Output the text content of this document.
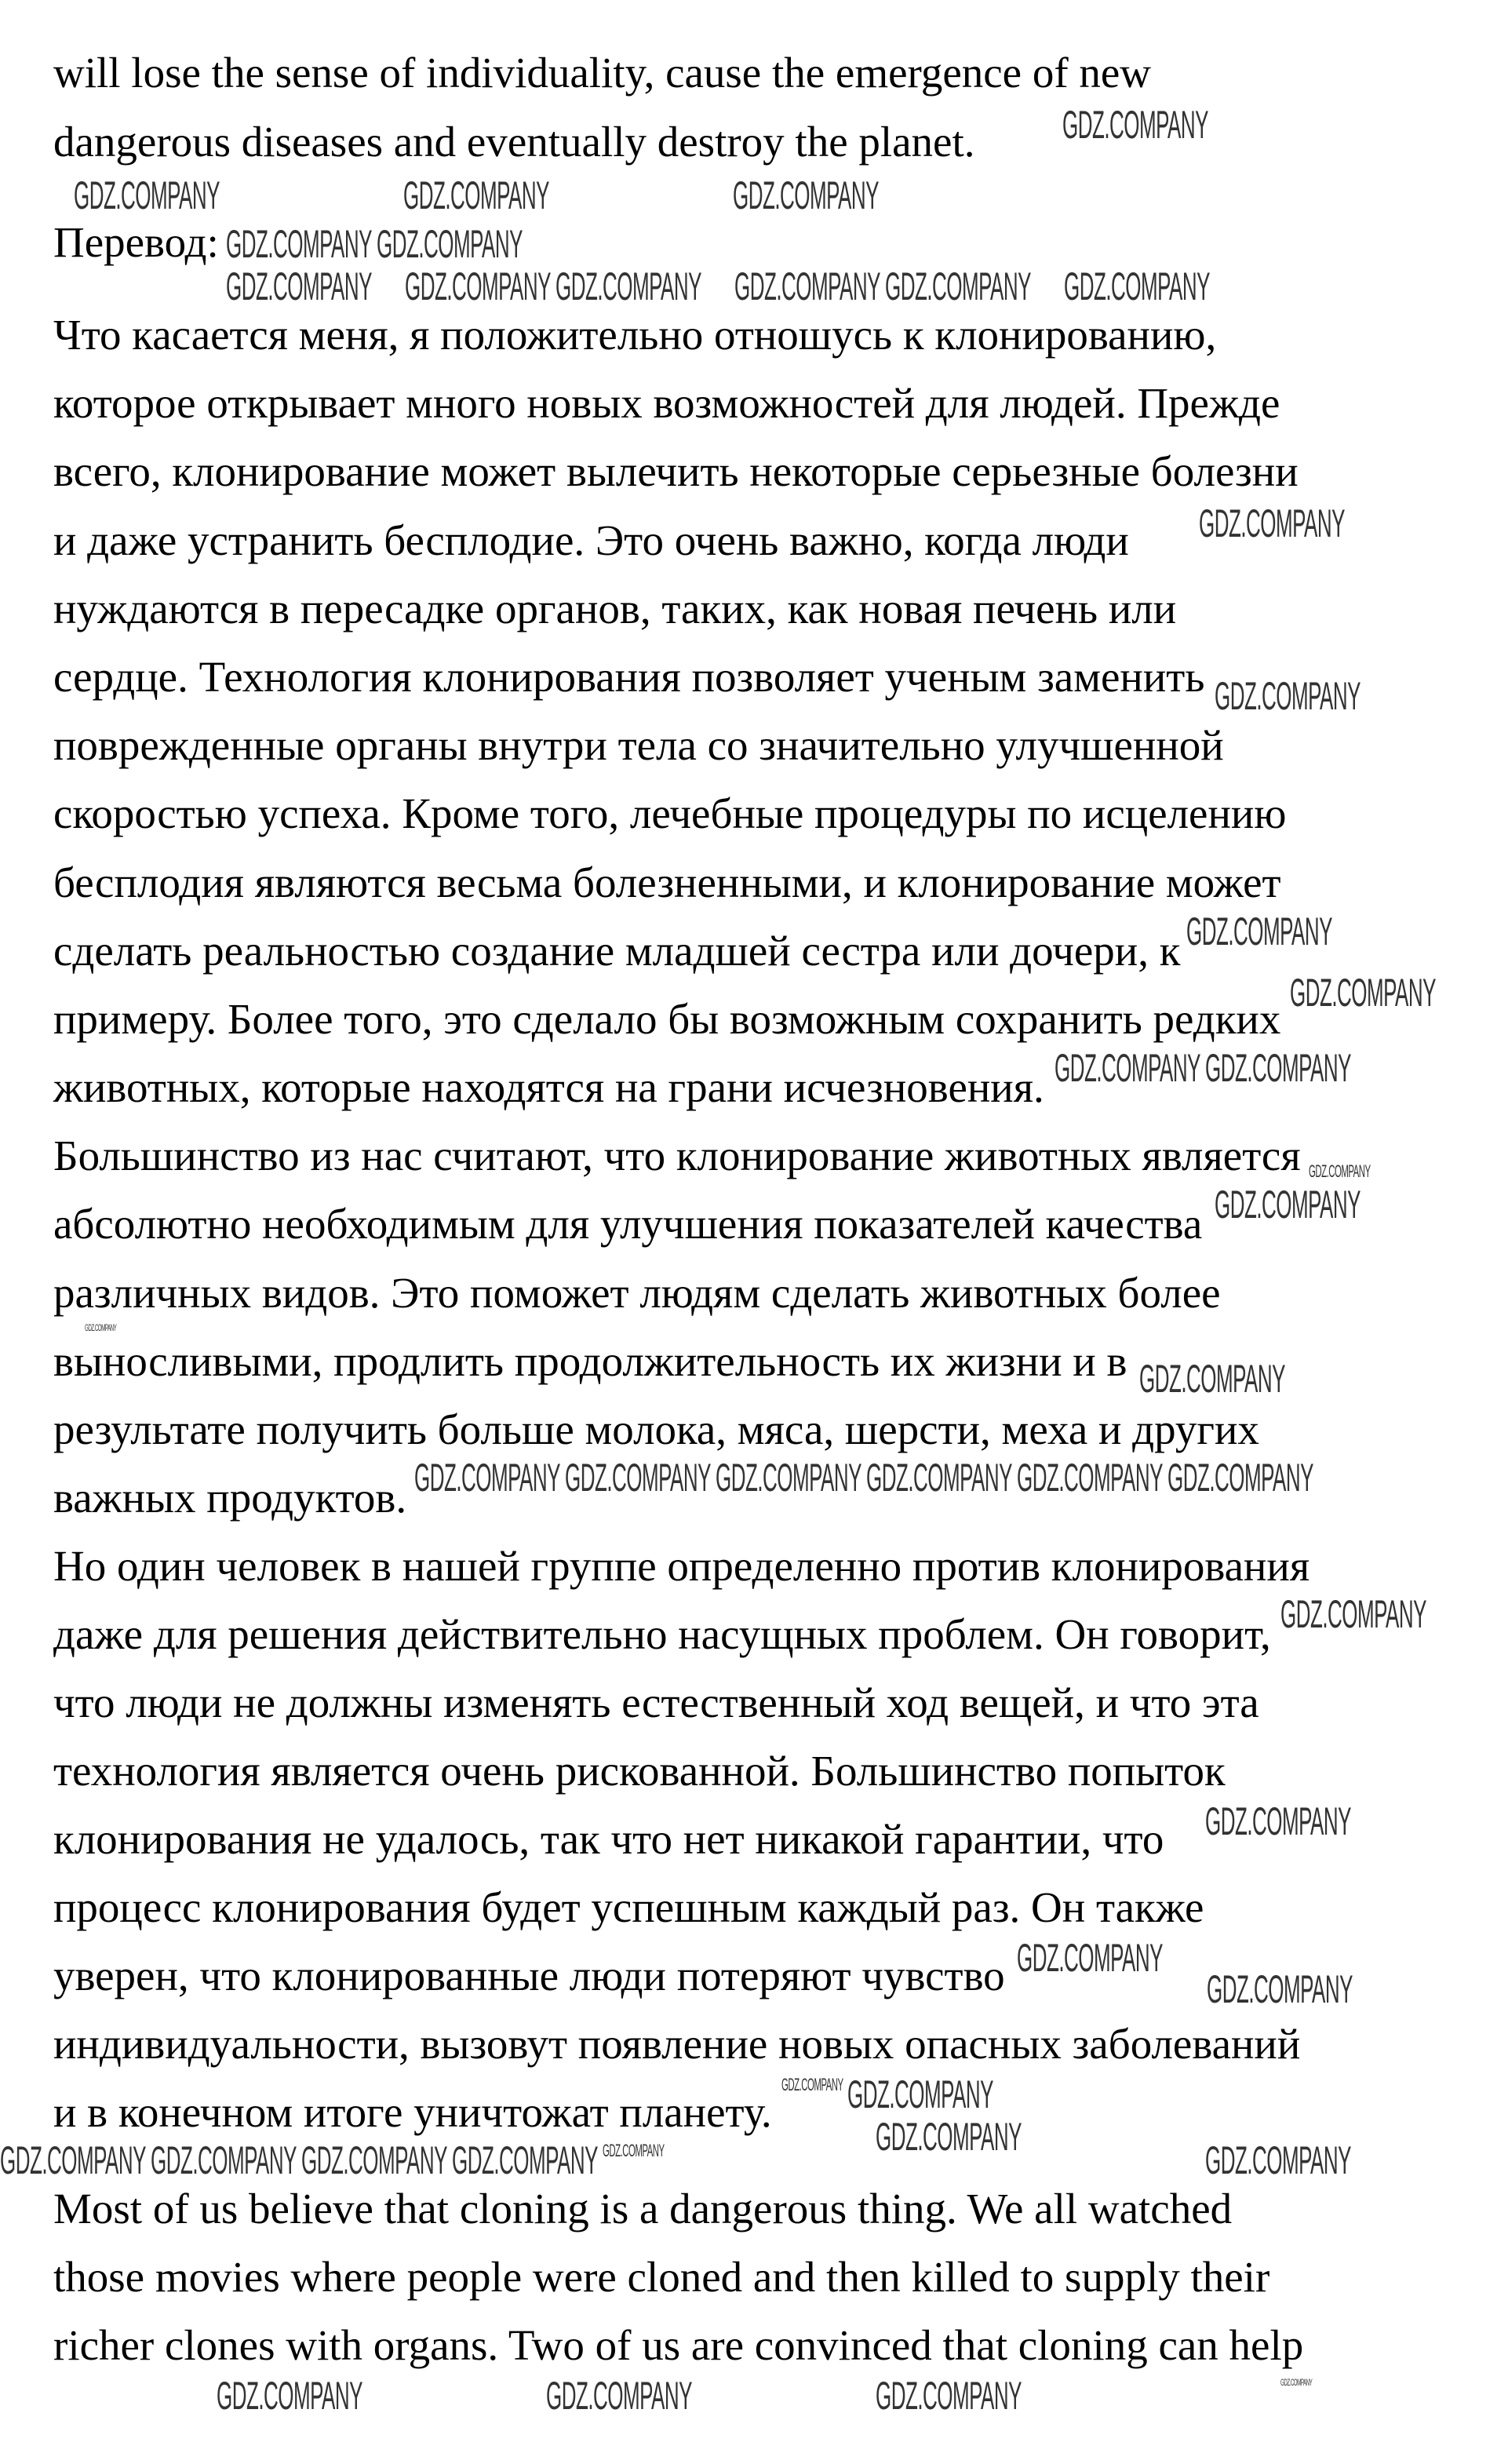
will lose the sense of individuality, cause the emergence of new
dangerous diseases and eventually destroy the planet.
Перевод:
Что касается меня, я положительно отношусь к клонированию,
которое открывает много новых возможностей для людей. Прежде
всего, клонирование может вылечить некоторые серьезные болезни
и даже устранить бесплодие. Это очень важно, когда люди
нуждаются в пересадке органов, таких, как новая печень или
сердце. Технология клонирования позволяет ученым заменить
поврежденные органы внутри тела со значительно улучшенной
скоростью успеха. Кроме того, лечебные процедуры по исцелению
бесплодия являются весьма болезненными, и клонирование может
сделать реальностью создание младшей сестра или дочери, к
примеру. Более того, это сделало бы возможным сохранить редких
животных, которые находятся на грани исчезновения.
Большинство из нас считают, что клонирование животных является
абсолютно необходимым для улучшения показателей качества
различных видов. Это поможет людям сделать животных более
выносливыми, продлить продолжительность их жизни и в
результате получить больше молока, мяса, шерсти, меха и других
важных продуктов.
Но один человек в нашей группе определенно против клонирования
даже для решения действительно насущных проблем. Он говорит,
что люди не должны изменять естественный ход вещей, и что эта
технология является очень рискованной. Большинство попыток
клонирования не удалось, так что нет никакой гарантии, что
процесс клонирования будет успешным каждый раз. Он также
уверен, что клонированные люди потеряют чувство
индивидуальности, вызовут появление новых опасных заболеваний
и в конечном итоге уничтожат планету.
Most of us believe that cloning is a dangerous thing. We all watched
those movies where people were cloned and then killed to supply their
richer clones with organs. Two of us are convinced that cloning can help
GDZ.COMPANY
GDZ.COMPANY	GDZ.COMPANY	GDZ.COMPANY
GDZ.COMPANY
GDZ.COMPANY GDZ.COMPANY	GDZ.COMPANY
GDZ.COMPANY
GDZ.COMPANY
GDZ.COMPANY	GDZ.COMPANY
GDZ.COMPANY
GDZ.COMPANY
GDZ.COMPANY
GDZ.COMPANY
GDZ.COMPANY
GDZ.COMPANY
GDZ.COMPANY
GDZ.COMPANY
GDZ.COMPANY
GDZ.COMPANY
GDZ.COMPANY GDZ.COMPANY
GDZ.COMPANY
GDZ.COMPANY
GDZ.COMPANY
GDZ.COMPANY
GDZ.COMPANY
GDZ.COMPANY
GDZ.COMPANY
GDZ.COMPANY
GDZ.COMPANY
GDZ.COMPANY
GDZ.COMPANY GDZ.COMPANY
GDZ.COMPANY
GDZ.COMPANY GDZ.COMPANY	GDZ.COMPANY
GDZ.COMPANY
GDZ.COMPANY	GDZ.COMPANY	GDZ.COMPANY	GDZ.COMPANY
